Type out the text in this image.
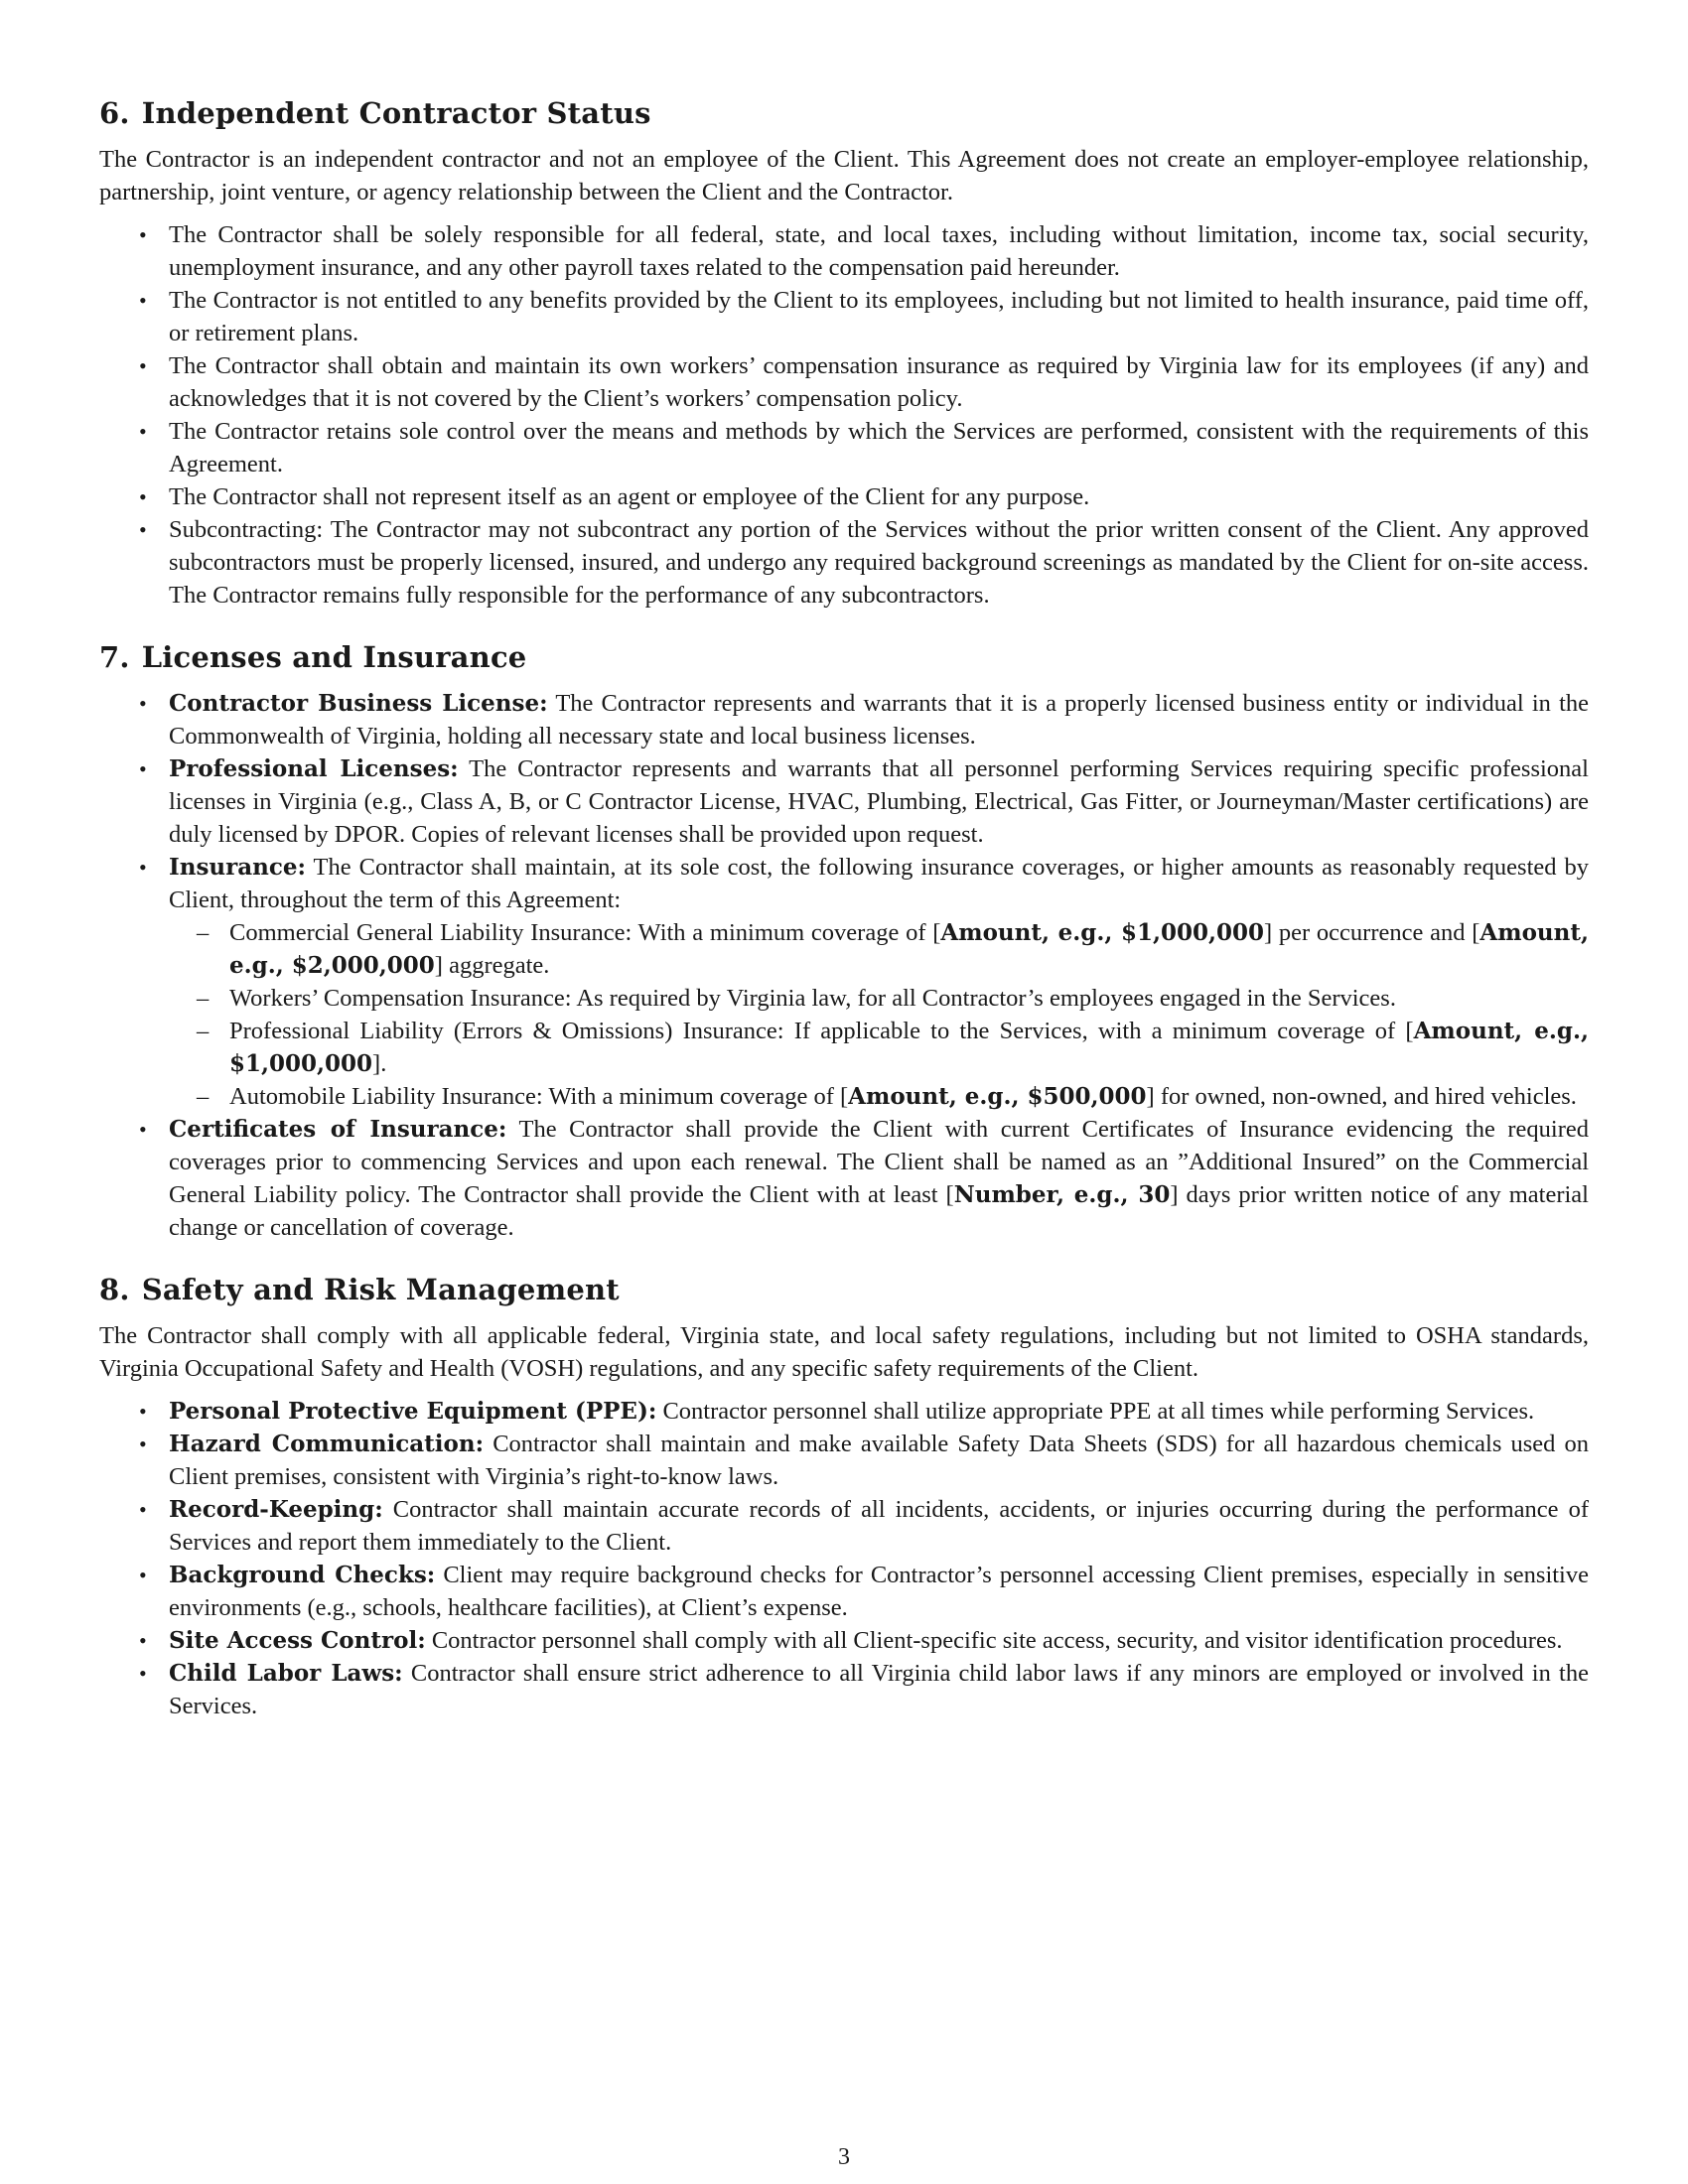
6. Independent Contractor Status

The Contractor is an independent contractor and not an employee of the Client. This Agreement does not create an employer-employee relationship, partnership, joint venture, or agency relationship between the Client and the Contractor.

• The Contractor shall be solely responsible for all federal, state, and local taxes, including without limitation, income tax, social security, unemployment insurance, and any other payroll taxes related to the compensation paid hereunder.
• The Contractor is not entitled to any benefits provided by the Client to its employees, including but not limited to health insurance, paid time off, or retirement plans.
• The Contractor shall obtain and maintain its own workers’ compensation insurance as required by Virginia law for its employees (if any) and acknowledges that it is not covered by the Client’s workers’ compensation policy.
• The Contractor retains sole control over the means and methods by which the Services are performed, consistent with the requirements of this Agreement.
• The Contractor shall not represent itself as an agent or employee of the Client for any purpose.
• Subcontracting: The Contractor may not subcontract any portion of the Services without the prior written consent of the Client. Any approved subcontractors must be properly licensed, insured, and undergo any required background screenings as mandated by the Client for on-site access. The Contractor remains fully responsible for the performance of any subcontractors.
7. Licenses and Insurance
• Contractor Business License: The Contractor represents and warrants that it is a properly licensed business entity or individual in the Commonwealth of Virginia, holding all necessary state and local business licenses.
• Professional Licenses: The Contractor represents and warrants that all personnel performing Services requiring specific professional licenses in Virginia (e.g., Class A, B, or C Contractor License, HVAC, Plumbing, Electrical, Gas Fitter, or Journeyman/Master certifications) are duly licensed by DPOR. Copies of relevant licenses shall be provided upon request.
• Insurance: The Contractor shall maintain, at its sole cost, the following insurance coverages, or higher amounts as reasonably requested by Client, throughout the term of this Agreement:
– Commercial General Liability Insurance: With a minimum coverage of [Amount, e.g., $1,000,000] per occurrence and [Amount, e.g., $2,000,000] aggregate.
– Workers’ Compensation Insurance: As required by Virginia law, for all Contractor’s employees engaged in the Services.
– Professional Liability (Errors & Omissions) Insurance: If applicable to the Services, with a minimum coverage of [Amount, e.g., $1,000,000].
– Automobile Liability Insurance: With a minimum coverage of [Amount, e.g., $500,000] for owned, non-owned, and hired vehicles.
• Certificates of Insurance: The Contractor shall provide the Client with current Certificates of Insurance evidencing the required coverages prior to commencing Services and upon each renewal. The Client shall be named as an ”Additional Insured” on the Commercial General Liability policy. The Contractor shall provide the Client with at least [Number, e.g., 30] days prior written notice of any material change or cancellation of coverage.
8. Safety and Risk Management

The Contractor shall comply with all applicable federal, Virginia state, and local safety regulations, including but not limited to OSHA standards, Virginia Occupational Safety and Health (VOSH) regulations, and any specific safety requirements of the Client.

• Personal Protective Equipment (PPE): Contractor personnel shall utilize appropriate PPE at all times while performing Services.
• Hazard Communication: Contractor shall maintain and make available Safety Data Sheets (SDS) for all hazardous chemicals used on Client premises, consistent with Virginia’s right-to-know laws.
• Record-Keeping: Contractor shall maintain accurate records of all incidents, accidents, or injuries occurring during the performance of Services and report them immediately to the Client.
• Background Checks: Client may require background checks for Contractor’s personnel accessing Client premises, especially in sensitive environments (e.g., schools, healthcare facilities), at Client’s expense.
• Site Access Control: Contractor personnel shall comply with all Client-specific site access, security, and visitor identification procedures.
• Child Labor Laws: Contractor shall ensure strict adherence to all Virginia child labor laws if any minors are employed or involved in the Services.
3
